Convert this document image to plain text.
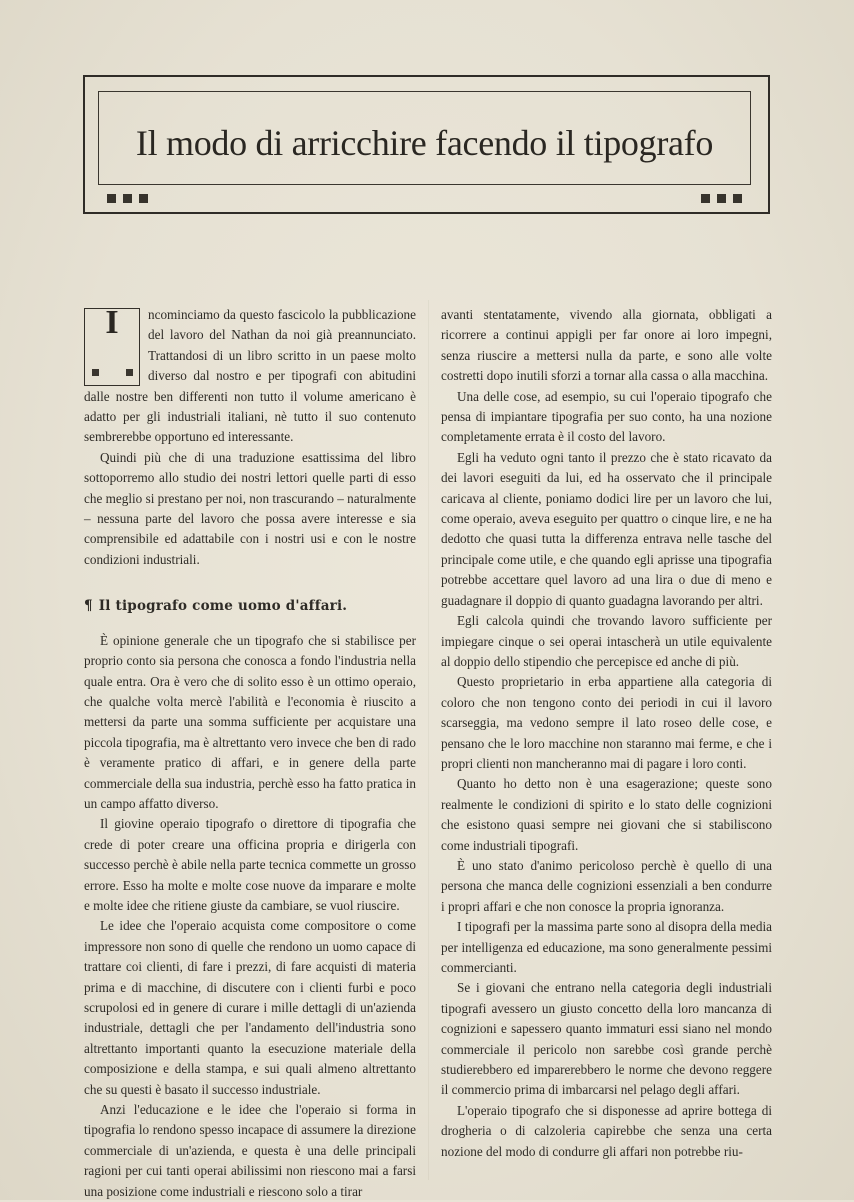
Il modo di arricchire facendo il tipografo

I	ncominciamo da questo fascicolo la pubblicazione del lavoro del Nathan da noi già preannunciato. Trattandosi di un libro scritto in un paese molto diverso dal nostro e per tipografi con abitudini dalle nostre ben differenti non tutto il volume americano è adatto per gli industriali italiani, nè tutto il suo contenuto sembrerebbe opportuno ed interessante.

Quindi più che di una traduzione esattissima del libro sottoporremo allo studio dei nostri lettori quelle parti di esso che meglio si prestano per noi, non trascurando – naturalmente – nessuna parte del lavoro che possa avere interesse e sia comprensibile ed adattabile con i nostri usi e con le nostre condizioni industriali.

¶ Il tipografo come uomo d'affari.

È opinione generale che un tipografo che si stabilisce per proprio conto sia persona che conosca a fondo l'industria nella quale entra. Ora è vero che di solito esso è un ottimo operaio, che qualche volta mercè l'abilità e l'economia è riuscito a mettersi da parte una somma sufficiente per acquistare una piccola tipografia, ma è altrettanto vero invece che ben di rado è veramente pratico di affari, e in genere della parte commerciale della sua industria, perchè esso ha fatto pratica in un campo affatto diverso.

Il giovine operaio tipografo o direttore di tipografia che crede di poter creare una officina propria e dirigerla con successo perchè è abile nella parte tecnica commette un grosso errore. Esso ha molte e molte cose nuove da imparare e molte e molte idee che ritiene giuste da cambiare, se vuol riuscire.

Le idee che l'operaio acquista come compositore o come impressore non sono di quelle che rendono un uomo capace di trattare coi clienti, di fare i prezzi, di fare acquisti di materia prima e di macchine, di discutere con i clienti furbi e poco scrupolosi ed in genere di curare i mille dettagli di un'azienda industriale, dettagli che per l'andamento dell'industria sono altrettanto importanti quanto la esecuzione materiale della composizione e della stampa, e sui quali almeno altrettanto che su questi è basato il successo industriale.

Anzi l'educazione e le idee che l'operaio si forma in tipografia lo rendono spesso incapace di assumere la direzione commerciale di un'azienda, e questa è una delle principali ragioni per cui tanti operai abilissimi non riescono mai a farsi una posizione come industriali e riescono solo a tirar

avanti stentatamente, vivendo alla giornata, obbligati a ricorrere a continui appigli per far onore ai loro impegni, senza riuscire a mettersi nulla da parte, e sono alle volte costretti dopo inutili sforzi a tornar alla cassa o alla macchina.

Una delle cose, ad esempio, su cui l'operaio tipografo che pensa di impiantare tipografia per suo conto, ha una nozione completamente errata è il costo del lavoro.

Egli ha veduto ogni tanto il prezzo che è stato ricavato da dei lavori eseguiti da lui, ed ha osservato che il principale caricava al cliente, poniamo dodici lire per un lavoro che lui, come operaio, aveva eseguito per quattro o cinque lire, e ne ha dedotto che quasi tutta la differenza entrava nelle tasche del principale come utile, e che quando egli aprisse una tipografia potrebbe accettare quel lavoro ad una lira o due di meno e guadagnare il doppio di quanto guadagna lavorando per altri.

Egli calcola quindi che trovando lavoro sufficiente per impiegare cinque o sei operai intascherà un utile equivalente al doppio dello stipendio che percepisce ed anche di più.

Questo proprietario in erba appartiene alla categoria di coloro che non tengono conto dei periodi in cui il lavoro scarseggia, ma vedono sempre il lato roseo delle cose, e pensano che le loro macchine non staranno mai ferme, e che i propri clienti non mancheranno mai di pagare i loro conti.

Quanto ho detto non è una esagerazione; queste sono realmente le condizioni di spirito e lo stato delle cognizioni che esistono quasi sempre nei giovani che si stabiliscono come industriali tipografi.

È uno stato d'animo pericoloso perchè è quello di una persona che manca delle cognizioni essenziali a ben condurre i propri affari e che non conosce la propria ignoranza.

I tipografi per la massima parte sono al disopra della media per intelligenza ed educazione, ma sono generalmente pessimi commercianti.

Se i giovani che entrano nella categoria degli industriali tipografi avessero un giusto concetto della loro mancanza di cognizioni e sapessero quanto immaturi essi siano nel mondo commerciale il pericolo non sarebbe così grande perchè studierebbero ed imparerebbero le norme che devono reggere il commercio prima di imbarcarsi nel pelago degli affari.

L'operaio tipografo che si disponesse ad aprire bottega di drogheria o di calzoleria capirebbe che senza una certa nozione del modo di condurre gli affari non potrebbe riu-
